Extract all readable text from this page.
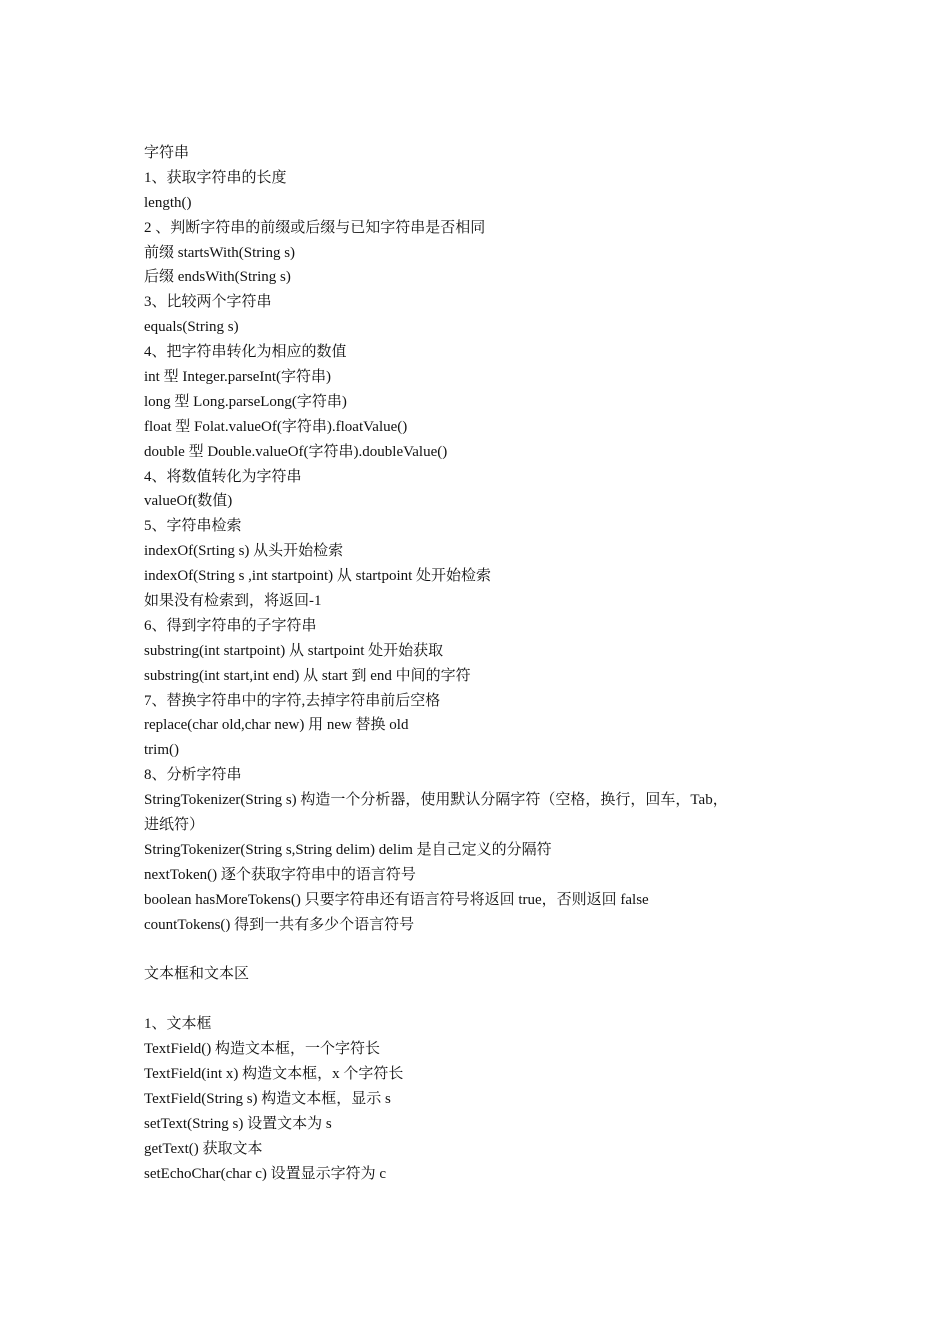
字符串
1、获取字符串的长度
length()
2 、判断字符串的前缀或后缀与已知字符串是否相同
前缀 startsWith(String s)
后缀 endsWith(String s)
3、比较两个字符串
equals(String s)
4、把字符串转化为相应的数值
int 型 Integer.parseInt(字符串)
long 型 Long.parseLong(字符串)
float 型 Folat.valueOf(字符串).floatValue()
double 型 Double.valueOf(字符串).doubleValue()
4、将数值转化为字符串
valueOf(数值)
5、字符串检索
indexOf(Srting s) 从头开始检索
indexOf(String s ,int startpoint) 从 startpoint 处开始检索
如果没有检索到，将返回-1
6、得到字符串的子字符串
substring(int startpoint) 从 startpoint 处开始获取
substring(int start,int end) 从 start 到 end 中间的字符
7、替换字符串中的字符,去掉字符串前后空格
replace(char old,char new) 用 new 替换 old
trim()
8、分析字符串
StringTokenizer(String s) 构造一个分析器，使用默认分隔字符（空格，换行，回车，Tab，
进纸符）
StringTokenizer(String s,String delim) delim 是自己定义的分隔符
nextToken() 逐个获取字符串中的语言符号
boolean hasMoreTokens() 只要字符串还有语言符号将返回 true，否则返回 false
countTokens() 得到一共有多少个语言符号
文本框和文本区
1、文本框
TextField() 构造文本框，一个字符长
TextField(int x) 构造文本框，x 个字符长
TextField(String s) 构造文本框，显示 s
setText(String s) 设置文本为 s
getText() 获取文本
setEchoChar(char c) 设置显示字符为 c
